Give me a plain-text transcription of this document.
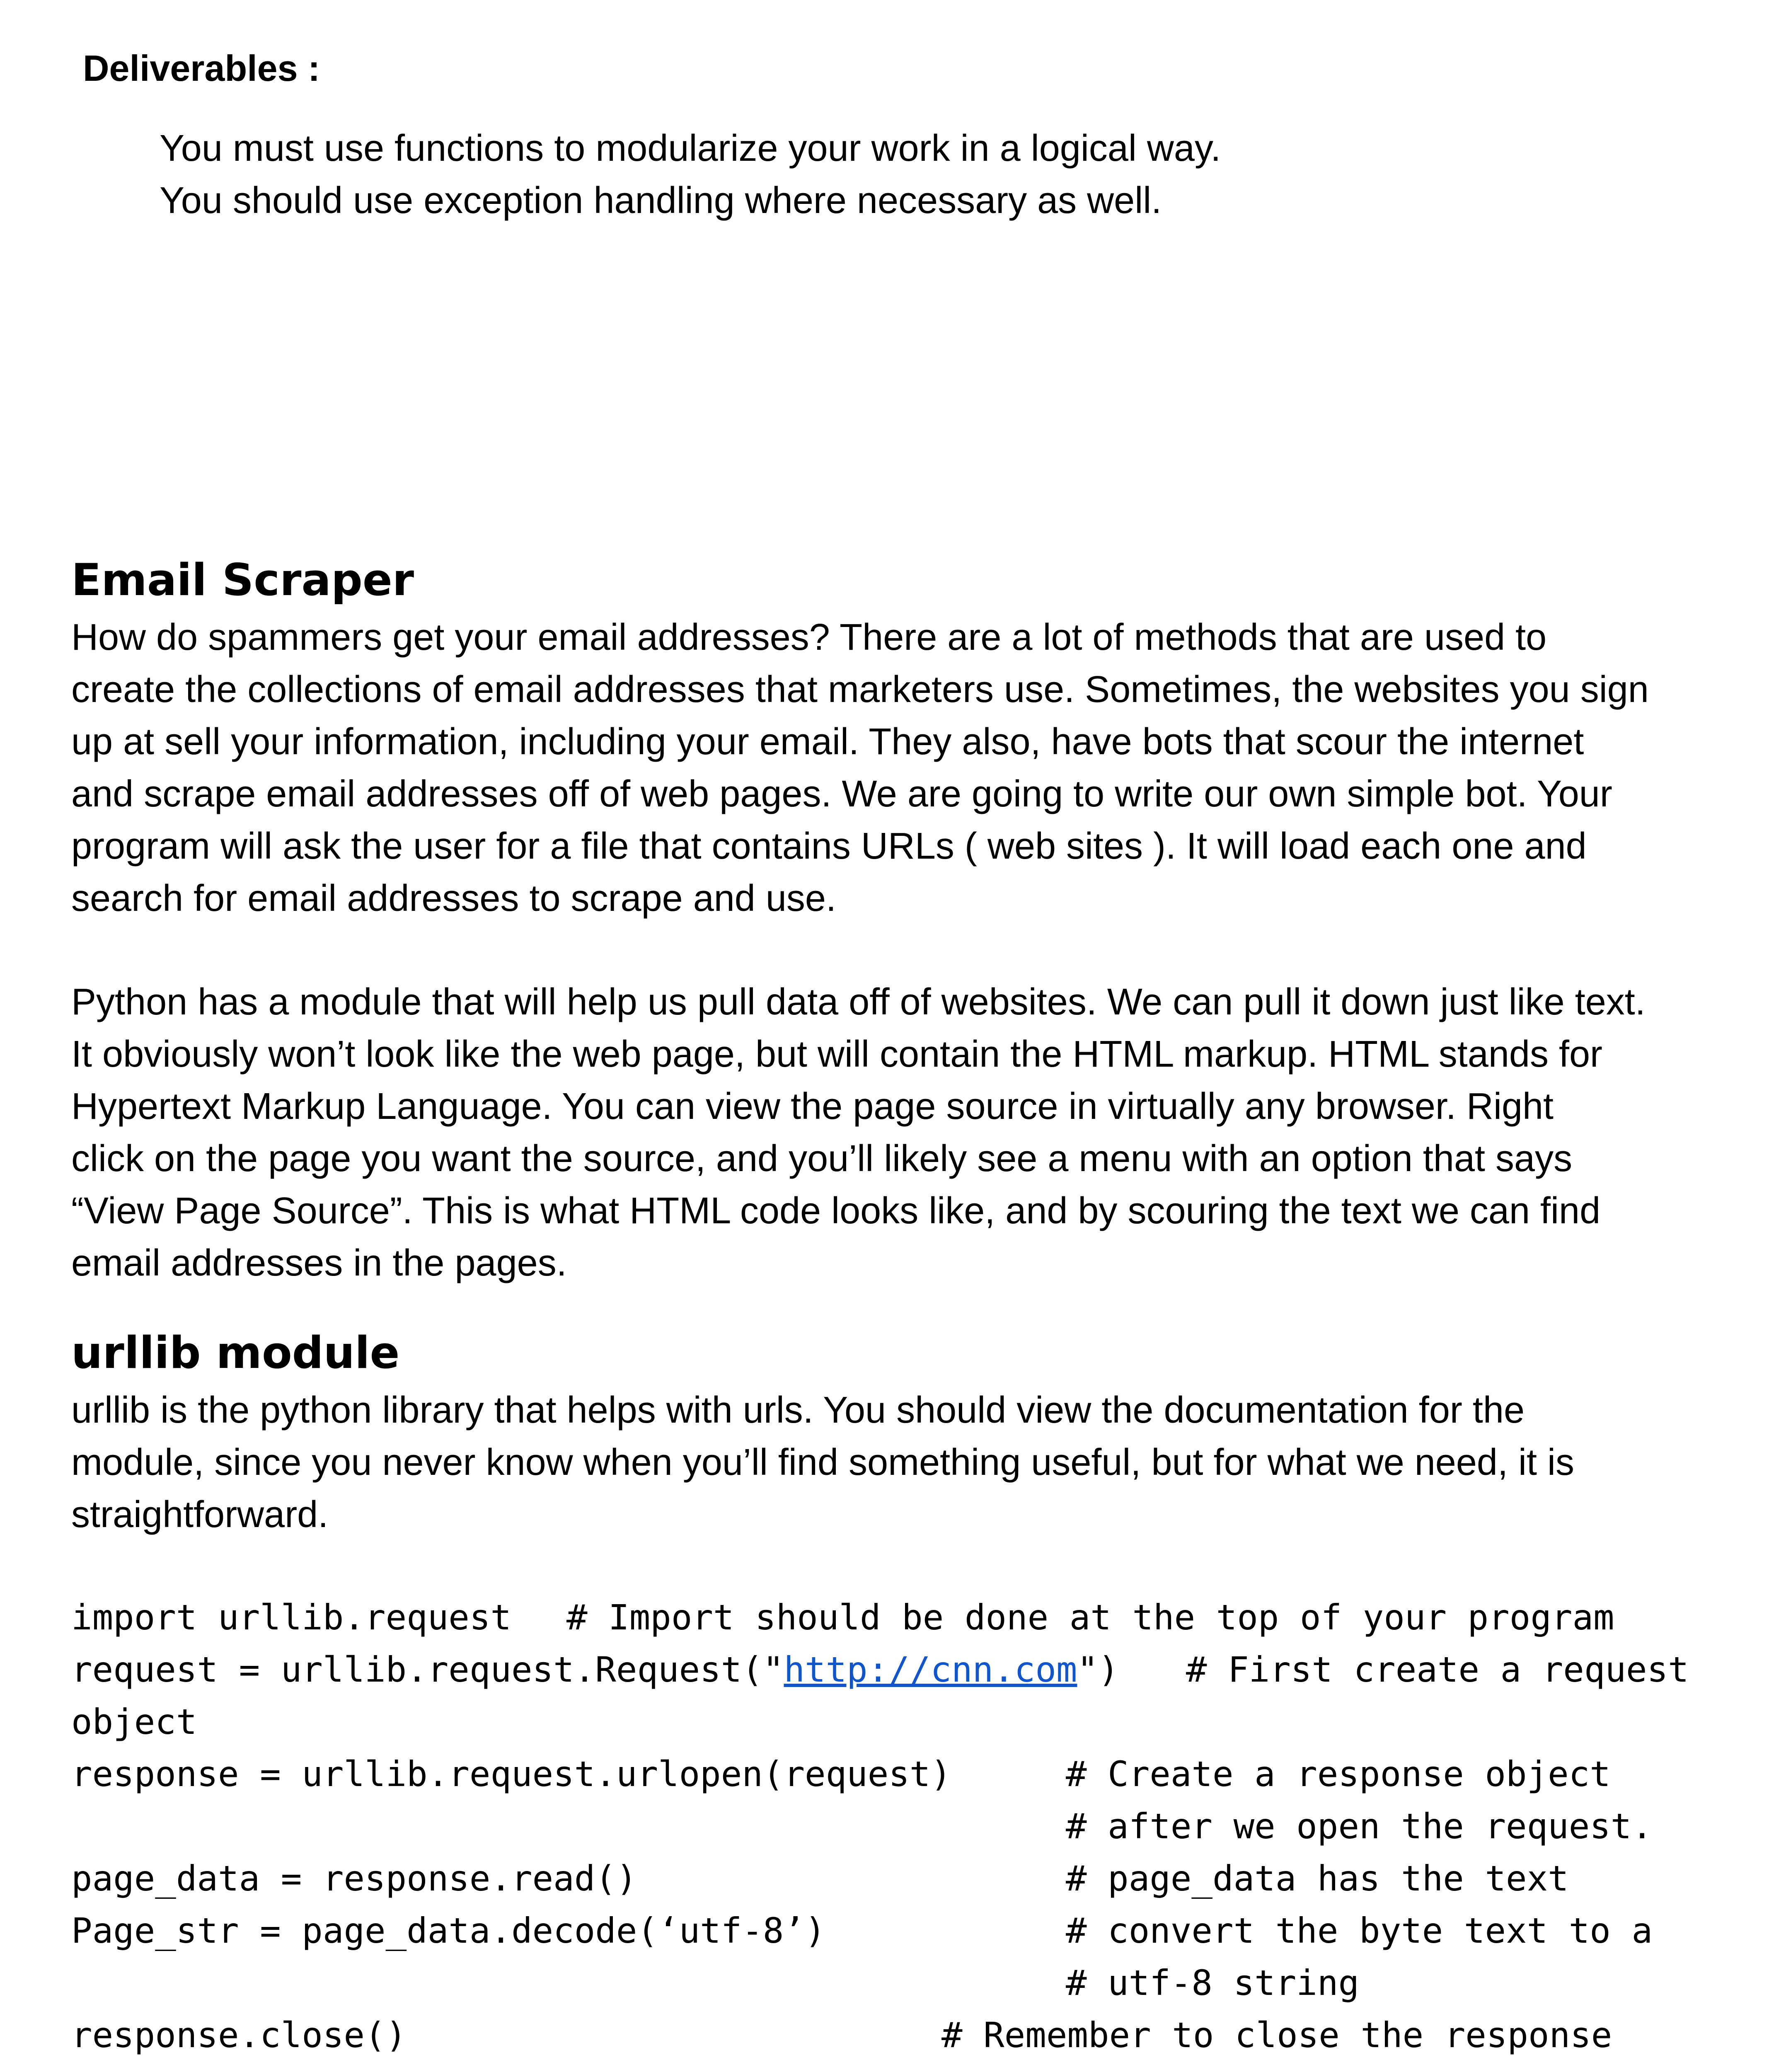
Deliverables :
You must use functions to modularize your work in a logical way.
You should use exception handling where necessary as well.
Email Scraper
How do spammers get your email addresses? There are a lot of methods that are used to
create the collections of email addresses that marketers use. Sometimes, the websites you sign
up at sell your information, including your email. They also, have bots that scour the internet
and scrape email addresses off of web pages. We are going to write our own simple bot. Your
program will ask the user for a file that contains URLs ( web sites ). It will load each one and
search for email addresses to scrape and use.
Python has a module that will help us pull data off of websites. We can pull it down just like text.
It obviously won’t look like the web page, but will contain the HTML markup. HTML stands for
Hypertext Markup Language. You can view the page source in virtually any browser. Right
click on the page you want the source, and you’ll likely see a menu with an option that says
“View Page Source”. This is what HTML code looks like, and by scouring the text we can find
email addresses in the pages.
urllib module
urllib is the python library that helps with urls. You should view the documentation for the
module, since you never know when you’ll find something useful, but for what we need, it is
straightforward.

import urllib.request

# Import should be done at the top of your program

request = urllib.request.Request("http://cnn.com")

# First create a request

object

response = urllib.request.urlopen(request)

	# Create a response object

# after we open the request.

page_data = response.read()

	# page_data has the text

Page_str = page_data.decode(‘utf-8’)

	# convert the byte text to a

# utf-8 string

response.close()

	# Remember to close the response
